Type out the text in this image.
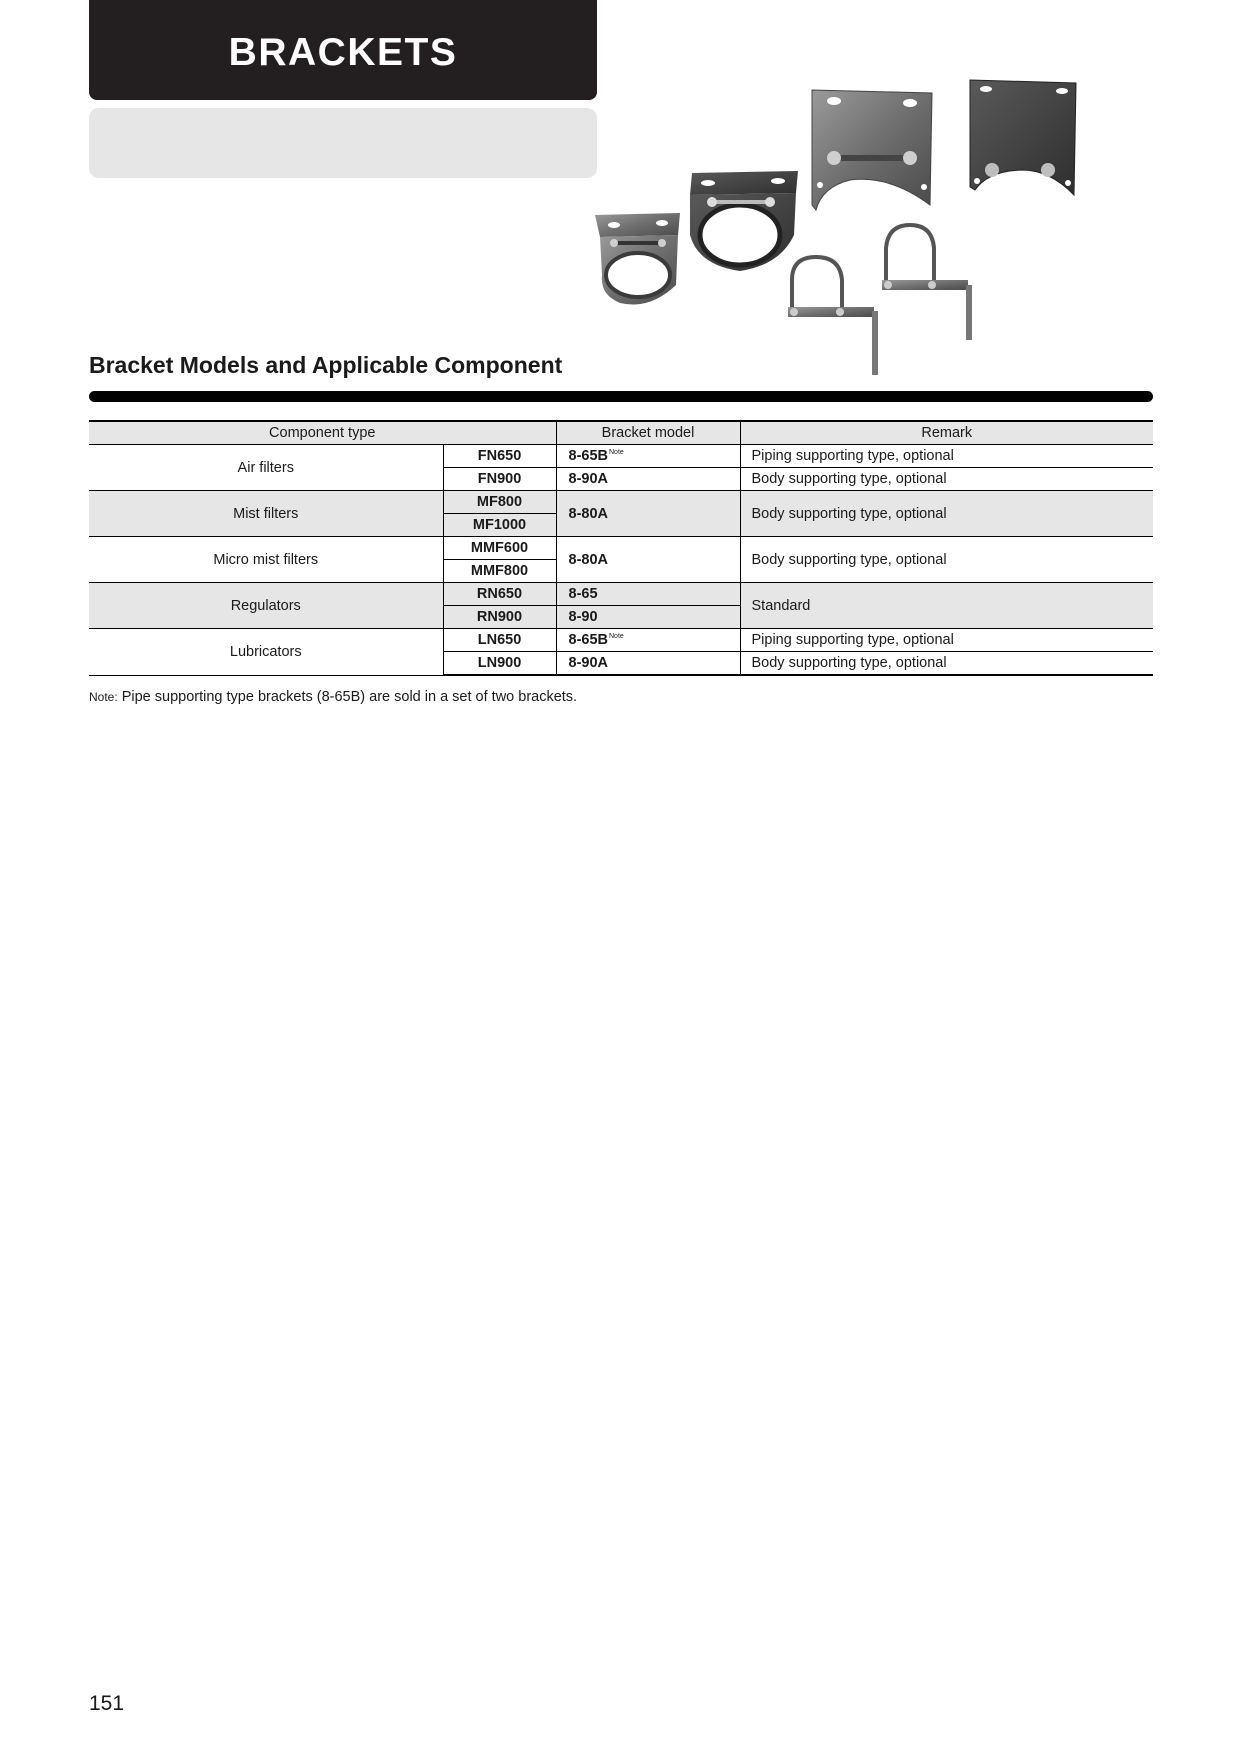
BRACKETS
Bracket Models and Applicable Component
Component type		Bracket model	Remark
Air filters	FN650	8-65B$^{Note}$	Piping supporting type, optional
	FN900	8-90A	Body supporting type, optional
Mist filters	MF800	8-80A	Body supporting type, optional
	MF1000		
Micro mist filters	MMF600	8-80A	Body supporting type, optional
	MMF800		
Regulators	RN650	8-65	Standard
	RN900	8-90	
Lubricators	LN650	8-65B$^{Note}$	Piping supporting type, optional
	LN900	8-90A	Body supporting type, optional

Note: Pipe supporting type brackets (8-65B) are sold in a set of two brackets.

151
